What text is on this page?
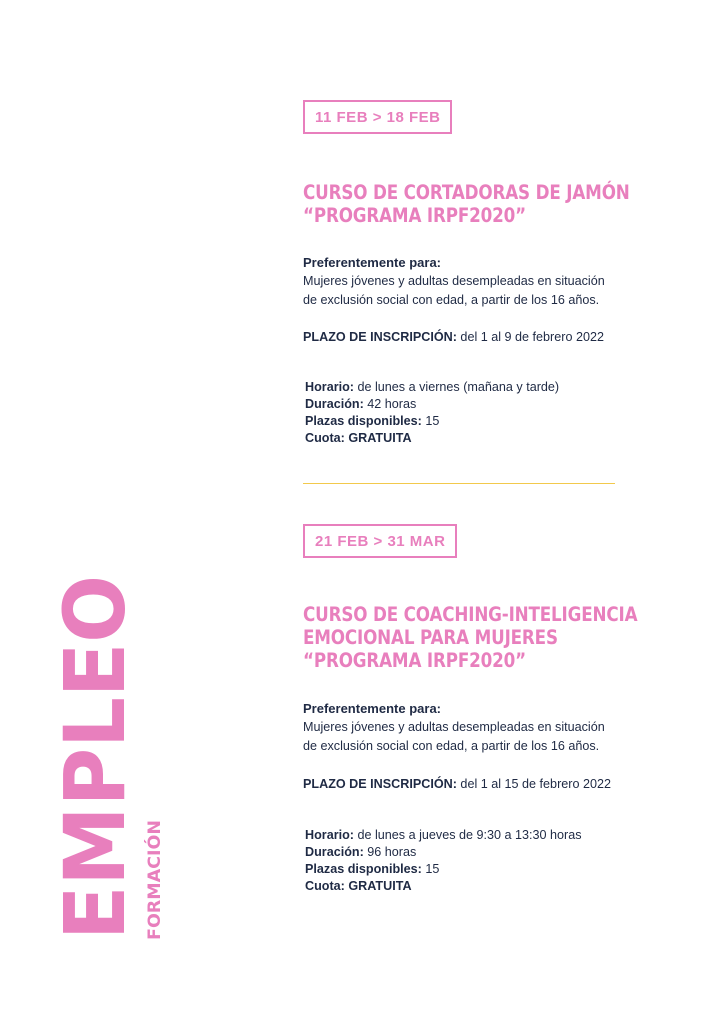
11 FEB > 18 FEB
CURSO DE CORTADORAS DE JAMÓN
“PROGRAMA IRPF2020”
Preferentemente para:
Mujeres jóvenes y adultas desempleadas en situación
de exclusión social con edad, a partir de los 16 años.
PLAZO DE INSCRIPCIÓN: del 1 al 9 de febrero 2022
Horario: de lunes a viernes (mañana y tarde)
Duración: 42 horas
Plazas disponibles: 15
Cuota: GRATUITA
21 FEB > 31 MAR
CURSO DE COACHING-INTELIGENCIA
EMOCIONAL PARA MUJERES
“PROGRAMA IRPF2020”
Preferentemente para:
Mujeres jóvenes y adultas desempleadas en situación
de exclusión social con edad, a partir de los 16 años.
PLAZO DE INSCRIPCIÓN: del 1 al 15 de febrero 2022
Horario: de lunes a jueves de 9:30 a 13:30 horas
Duración: 96 horas
Plazas disponibles: 15
Cuota: GRATUITA
EMPLEO FORMACIÓN
